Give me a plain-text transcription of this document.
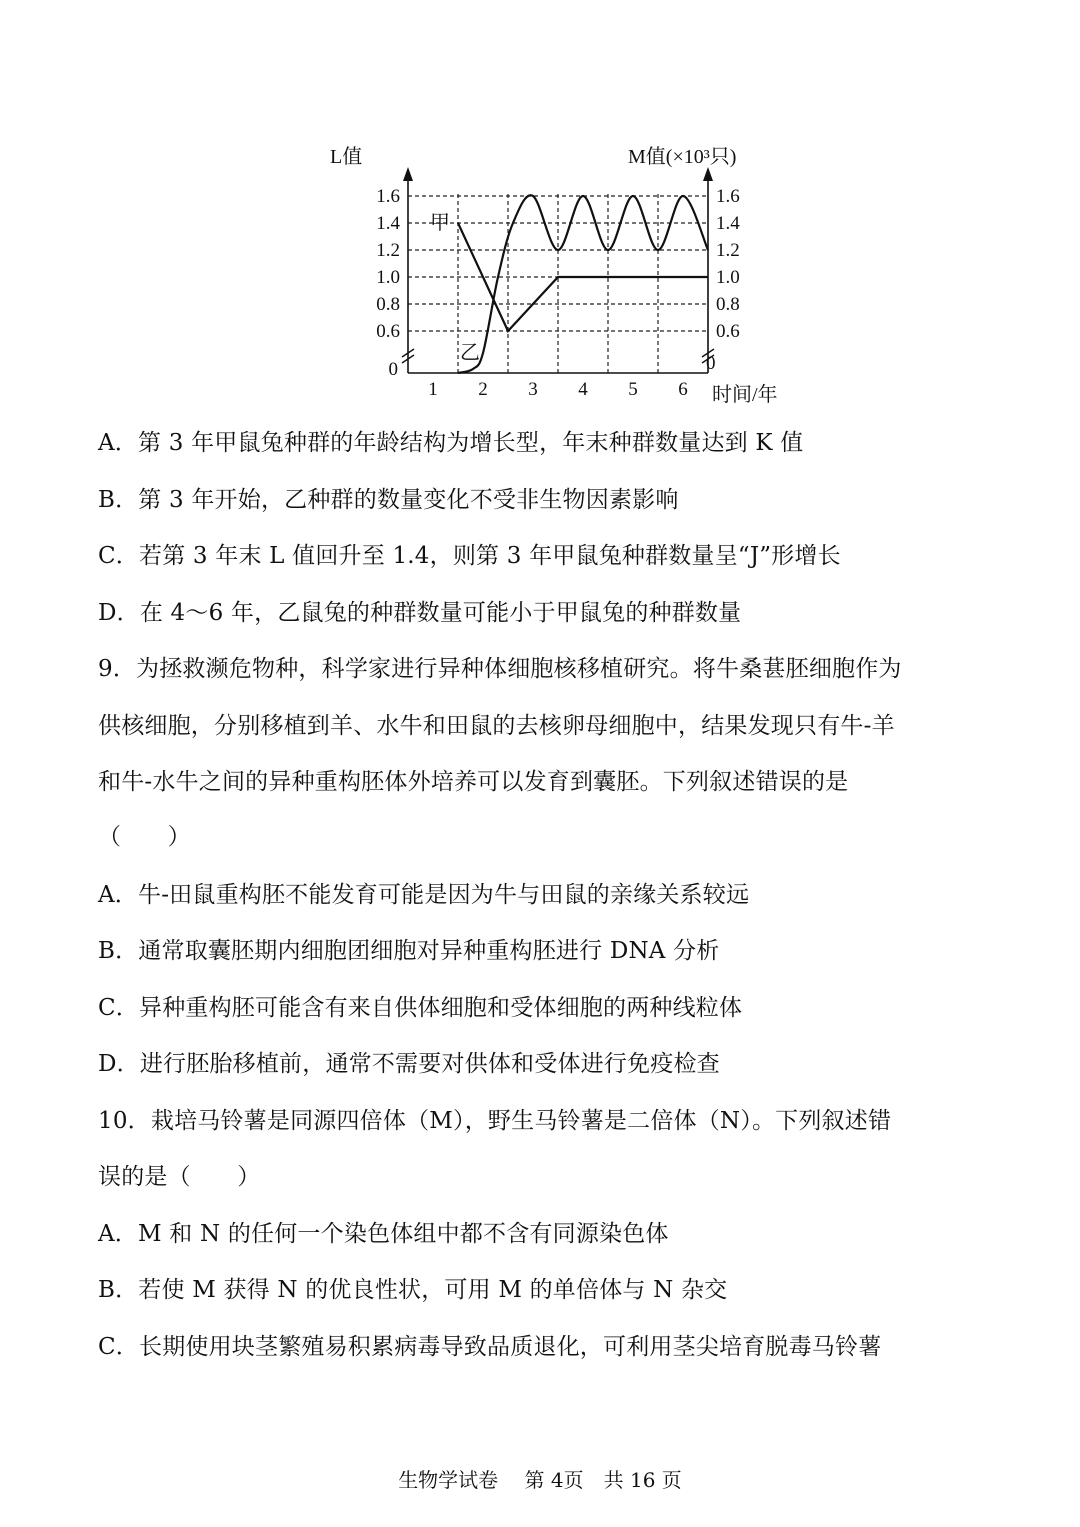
0.6	0.6
0.8	0.8
1.0	1.0
1.2	1.2
1.4	1.4
1.6	1.6
0	0
1 2 3 4 5 6
L值	M值(×10³只)
时间/年
甲
乙
A．第 3 年甲鼠兔种群的年龄结构为增长型，年末种群数量达到 K 值
B．第 3 年开始，乙种群的数量变化不受非生物因素影响
C．若第 3 年末 L 值回升至 1.4，则第 3 年甲鼠兔种群数量呈“J”形增长
D．在 4～6 年，乙鼠兔的种群数量可能小于甲鼠兔的种群数量
9．为拯救濒危物种，科学家进行异种体细胞核移植研究。将牛桑葚胚细胞作为
供核细胞，分别移植到羊、水牛和田鼠的去核卵母细胞中，结果发现只有牛-羊
和牛-水牛之间的异种重构胚体外培养可以发育到囊胚。下列叙述错误的是
（　　）
A．牛-田鼠重构胚不能发育可能是因为牛与田鼠的亲缘关系较远
B．通常取囊胚期内细胞团细胞对异种重构胚进行 DNA 分析
C．异种重构胚可能含有来自供体细胞和受体细胞的两种线粒体
D．进行胚胎移植前，通常不需要对供体和受体进行免疫检查
10．栽培马铃薯是同源四倍体（M），野生马铃薯是二倍体（N）。下列叙述错
误的是（　　）
A．M 和 N 的任何一个染色体组中都不含有同源染色体
B．若使 M 获得 N 的优良性状，可用 M 的单倍体与 N 杂交
C．长期使用块茎繁殖易积累病毒导致品质退化，可利用茎尖培育脱毒马铃薯
生物学试卷　 第 4页　共 16 页
